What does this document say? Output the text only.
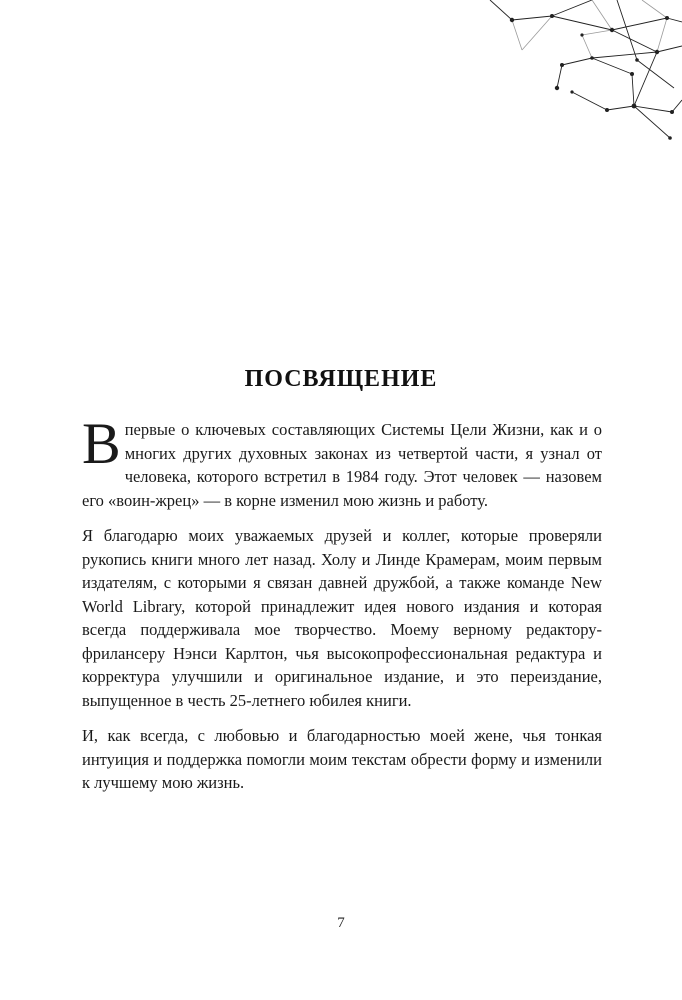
ПОСВЯЩЕНИЕ

Впервые о ключевых составляющих Системы Цели Жизни, как и о многих других духовных законах из четвертой части, я узнал от человека, которого встретил в 1984 году. Этот человек — назовем его «воин-жрец» — в корне изменил мою жизнь и работу.

Я благодарю моих уважаемых друзей и коллег, которые проверяли рукопись книги много лет назад. Холу и Линде Крамерам, моим первым издателям, с которыми я связан давней дружбой, а также команде New World Library, которой принадлежит идея нового издания и которая всегда поддерживала мое творчество. Моему верному редактору-фрилансеру Нэнси Карлтон, чья высокопрофессиональная редактура и корректура улучшили и оригинальное издание, и это переиздание, выпущенное в честь 25-летнего юбилея книги.

И, как всегда, с любовью и благодарностью моей жене, чья тонкая интуиция и поддержка помогли моим текстам обрести форму и изменили к лучшему мою жизнь.

7
